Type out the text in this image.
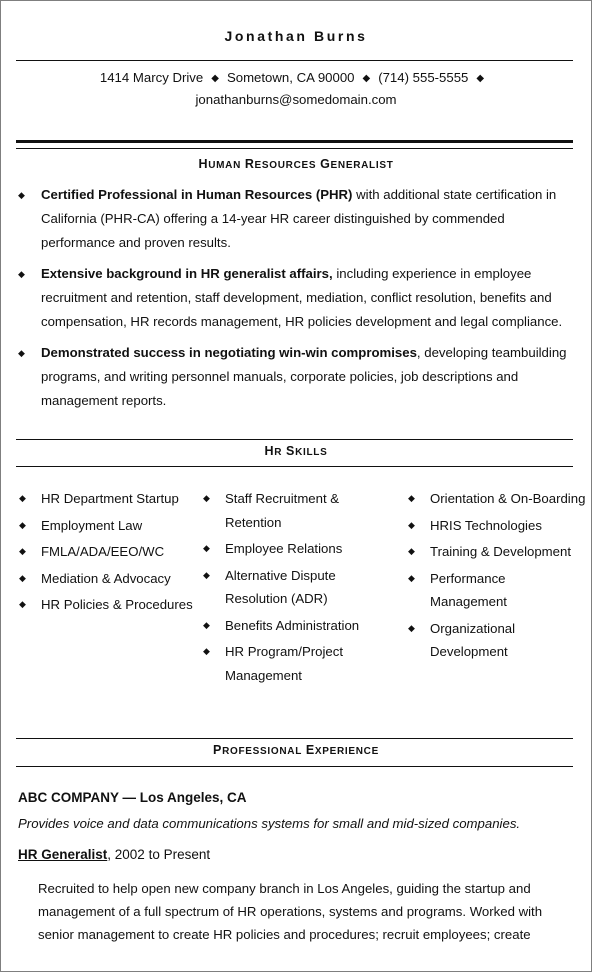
Jonathan Burns
1414 Marcy Drive ◆ Sometown, CA 90000 ◆ (714) 555-5555 ◆
jonathanburns@somedomain.com
HUMAN RESOURCES GENERALIST
◆ Certified Professional in Human Resources (PHR) with additional state certification in California (PHR-CA) offering a 14-year HR career distinguished by commended performance and proven results.
◆ Extensive background in HR generalist affairs, including experience in employee recruitment and retention, staff development, mediation, conflict resolution, benefits and compensation, HR records management, HR policies development and legal compliance.
◆ Demonstrated success in negotiating win-win compromises, developing teambuilding programs, and writing personnel manuals, corporate policies, job descriptions and management reports.
HR SKILLS
◆ HR Department Startup
◆ Employment Law
◆ FMLA/ADA/EEO/WC
◆ Mediation & Advocacy
◆ HR Policies & Procedures
◆ Staff Recruitment & Retention
◆ Employee Relations
◆ Alternative Dispute Resolution (ADR)
◆ Benefits Administration
◆ HR Program/Project Management
◆ Orientation & On-Boarding
◆ HRIS Technologies
◆ Training & Development
◆ Performance Management
◆ Organizational Development
PROFESSIONAL EXPERIENCE
ABC COMPANY — Los Angeles, CA
Provides voice and data communications systems for small and mid-sized companies.
HR Generalist, 2002 to Present
Recruited to help open new company branch in Los Angeles, guiding the startup and management of a full spectrum of HR operations, systems and programs. Worked with senior management to create HR policies and procedures; recruit employees; create
